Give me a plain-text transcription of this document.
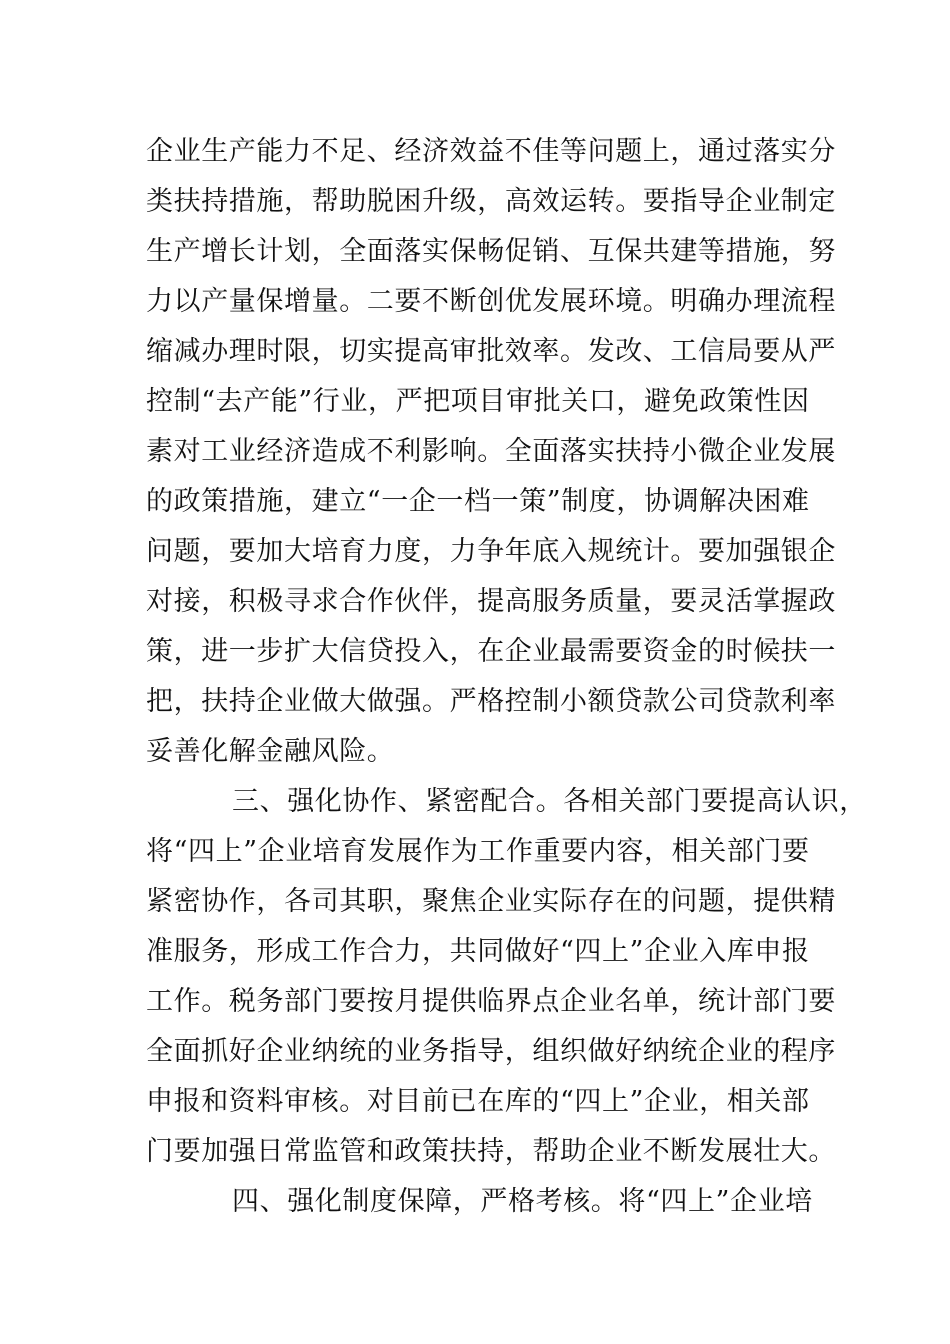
企业生产能力不足、经济效益不佳等问题上，通过落实分
类扶持措施，帮助脱困升级，高效运转。要指导企业制定
生产增长计划，全面落实保畅促销、互保共建等措施，努
力以产量保增量。二要不断创优发展环境。明确办理流程
缩减办理时限，切实提高审批效率。发改、工信局要从严
控制“去产能”行业，严把项目审批关口，避免政策性因
素对工业经济造成不利影响。全面落实扶持小微企业发展
的政策措施，建立“一企一档一策”制度，协调解决困难
问题，要加大培育力度，力争年底入规统计。要加强银企
对接，积极寻求合作伙伴，提高服务质量，要灵活掌握政
策，进一步扩大信贷投入，在企业最需要资金的时候扶一
把，扶持企业做大做强。严格控制小额贷款公司贷款利率
妥善化解金融风险。
三、强化协作、紧密配合。各相关部门要提高认识，
将“四上”企业培育发展作为工作重要内容，相关部门要
紧密协作，各司其职，聚焦企业实际存在的问题，提供精
准服务，形成工作合力，共同做好“四上”企业入库申报
工作。税务部门要按月提供临界点企业名单，统计部门要
全面抓好企业纳统的业务指导，组织做好纳统企业的程序
申报和资料审核。对目前已在库的“四上”企业，相关部
门要加强日常监管和政策扶持，帮助企业不断发展壮大。
四、强化制度保障，严格考核。将“四上”企业培
